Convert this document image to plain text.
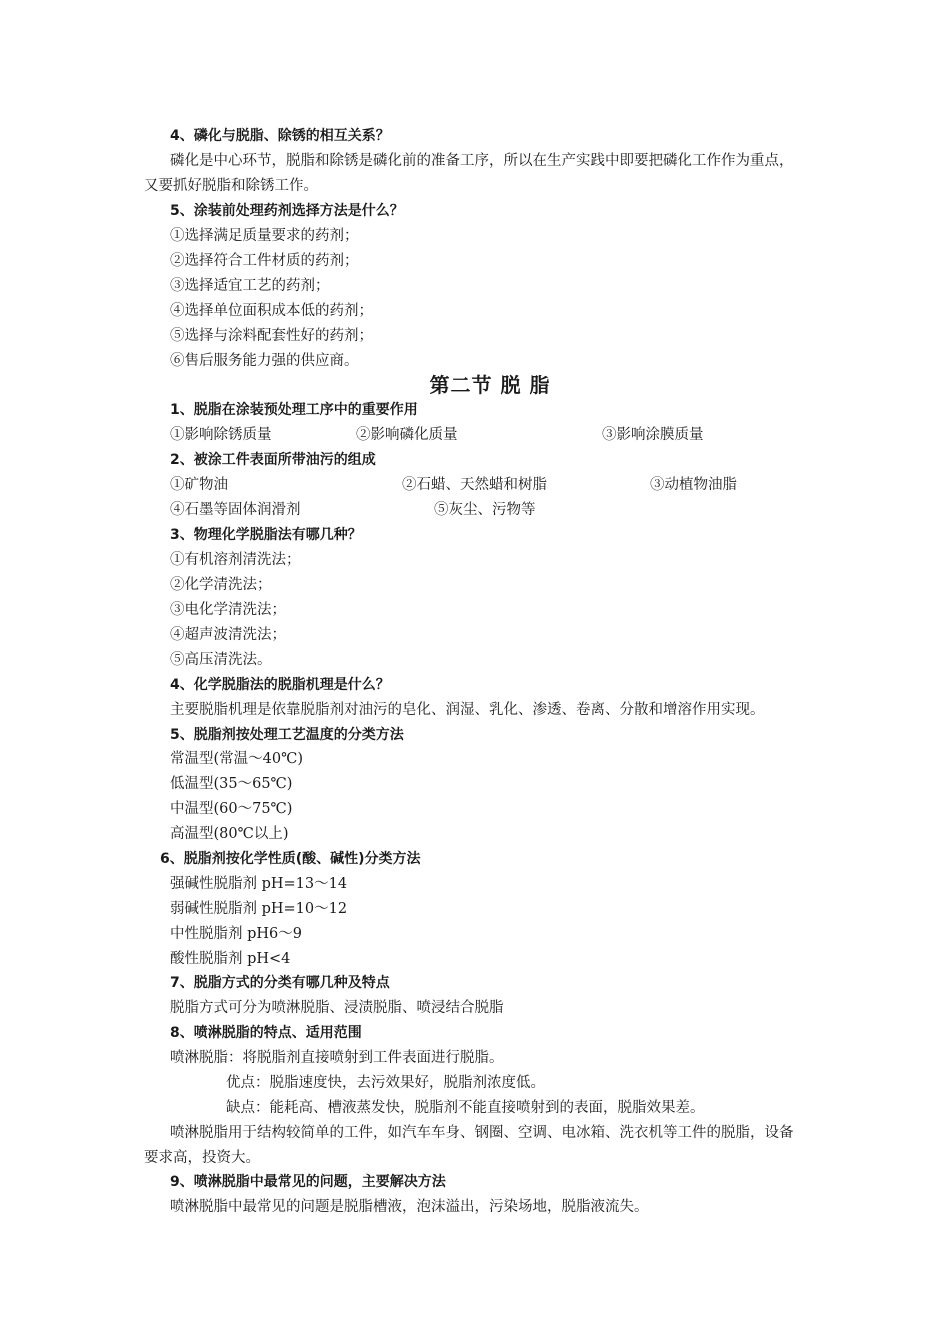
4、磷化与脱脂、除锈的相互关系？
磷化是中心环节，脱脂和除锈是磷化前的准备工序，所以在生产实践中即要把磷化工作作为重点，又要抓好脱脂和除锈工作。
5、涂装前处理药剂选择方法是什么？
①选择满足质量要求的药剂；
②选择符合工件材质的药剂；
③选择适宜工艺的药剂；
④选择单位面积成本低的药剂；
⑤选择与涂料配套性好的药剂；
⑥售后服务能力强的供应商。
第二节 脱 脂
1、脱脂在涂装预处理工序中的重要作用
①影响除锈质量	②影响磷化质量	③影响涂膜质量
2、被涂工件表面所带油污的组成
①矿物油	②石蜡、天然蜡和树脂	③动植物油脂
④石墨等固体润滑剂	⑤灰尘、污物等
3、物理化学脱脂法有哪几种？
①有机溶剂清洗法；
②化学清洗法；
③电化学清洗法；
④超声波清洗法；
⑤高压清洗法。
4、化学脱脂法的脱脂机理是什么？
主要脱脂机理是依靠脱脂剂对油污的皂化、润湿、乳化、渗透、卷离、分散和增溶作用实现。
5、脱脂剂按处理工艺温度的分类方法
常温型(常温～40℃)
低温型(35～65℃)
中温型(60～75℃)
高温型(80℃以上)
6、脱脂剂按化学性质(酸、碱性)分类方法
强碱性脱脂剂 pH=13～14
弱碱性脱脂剂 pH=10～12
中性脱脂剂 pH6～9
酸性脱脂剂 pH<4
7、脱脂方式的分类有哪几种及特点
脱脂方式可分为喷淋脱脂、浸渍脱脂、喷浸结合脱脂
8、喷淋脱脂的特点、适用范围
喷淋脱脂：将脱脂剂直接喷射到工件表面进行脱脂。
优点：脱脂速度快，去污效果好，脱脂剂浓度低。
缺点：能耗高、槽液蒸发快，脱脂剂不能直接喷射到的表面，脱脂效果差。
喷淋脱脂用于结构较简单的工件，如汽车车身、钢圈、空调、电冰箱、洗衣机等工件的脱脂，设备要求高，投资大。
9、喷淋脱脂中最常见的问题，主要解决方法
喷淋脱脂中最常见的问题是脱脂槽液，泡沫溢出，污染场地，脱脂液流失。
